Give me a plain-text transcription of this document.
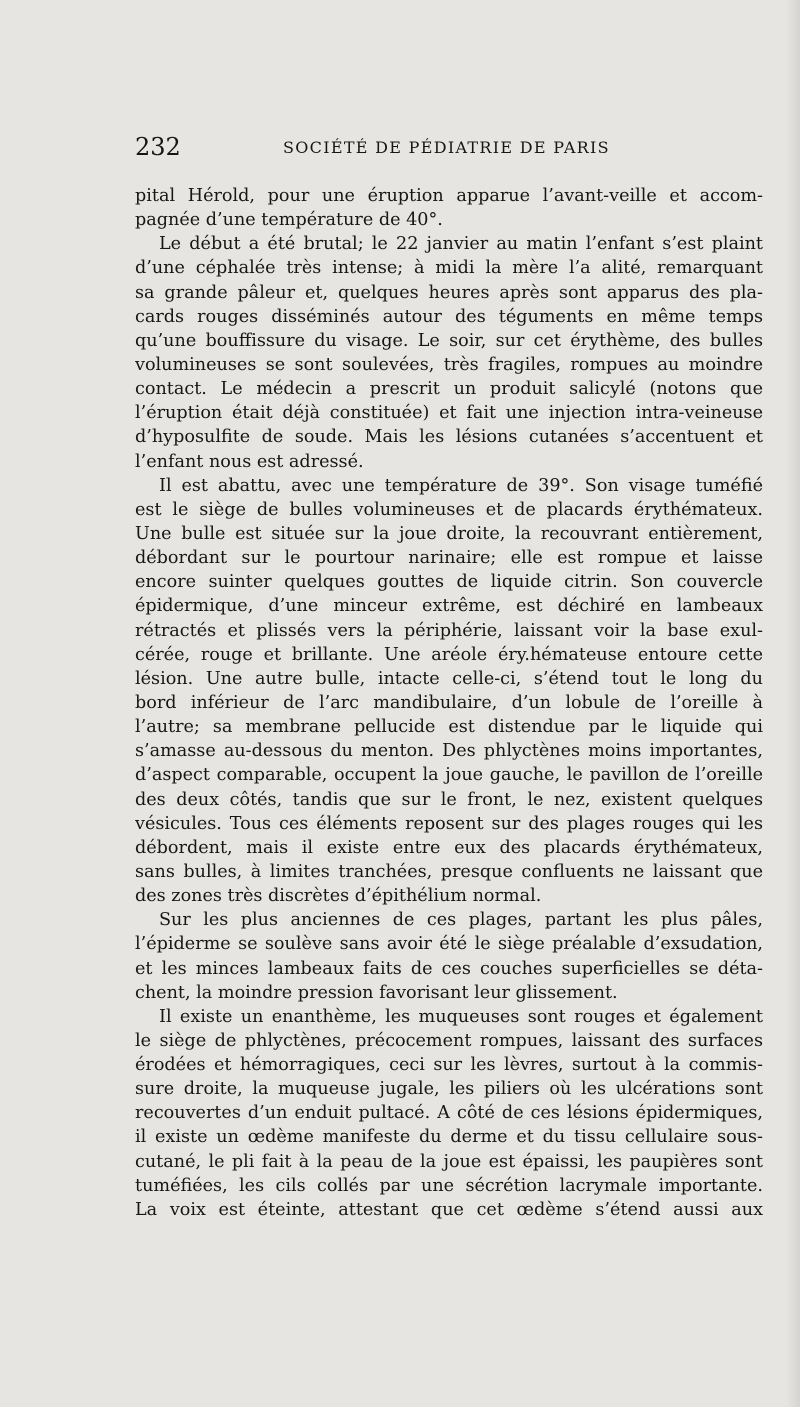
232	SOCIÉTÉ DE PÉDIATRIE DE PARIS
pital Hérold, pour une éruption apparue l’avant-veille et accom-
pagnée d’une température de 40°.
Le début a été brutal; le 22 janvier au matin l’enfant s’est plaint
d’une céphalée très intense; à midi la mère l’a alité, remarquant
sa grande pâleur et, quelques heures après sont apparus des pla-
cards rouges disséminés autour des téguments en même temps
qu’une bouffissure du visage. Le soir, sur cet érythème, des bulles
volumineuses se sont soulevées, très fragiles, rompues au moindre
contact. Le médecin a prescrit un produit salicylé (notons que
l’éruption était déjà constituée) et fait une injection intra-veineuse
d’hyposulfite de soude. Mais les lésions cutanées s’accentuent et
l’enfant nous est adressé.
Il est abattu, avec une température de 39°. Son visage tuméfié
est le siège de bulles volumineuses et de placards érythémateux.
Une bulle est située sur la joue droite, la recouvrant entièrement,
débordant sur le pourtour narinaire; elle est rompue et laisse
encore suinter quelques gouttes de liquide citrin. Son couvercle
épidermique, d’une minceur extrême, est déchiré en lambeaux
rétractés et plissés vers la périphérie, laissant voir la base exul-
cérée, rouge et brillante. Une aréole éry.hémateuse entoure cette
lésion. Une autre bulle, intacte celle-ci, s’étend tout le long du
bord inférieur de l’arc mandibulaire, d’un lobule de l’oreille à
l’autre; sa membrane pellucide est distendue par le liquide qui
s’amasse au-dessous du menton. Des phlyctènes moins importantes,
d’aspect comparable, occupent la joue gauche, le pavillon de l’oreille
des deux côtés, tandis que sur le front, le nez, existent quelques
vésicules. Tous ces éléments reposent sur des plages rouges qui les
débordent, mais il existe entre eux des placards érythémateux,
sans bulles, à limites tranchées, presque confluents ne laissant que
des zones très discrètes d’épithélium normal.
Sur les plus anciennes de ces plages, partant les plus pâles,
l’épiderme se soulève sans avoir été le siège préalable d’exsudation,
et les minces lambeaux faits de ces couches superficielles se déta-
chent, la moindre pression favorisant leur glissement.
Il existe un enanthème, les muqueuses sont rouges et également
le siège de phlyctènes, précocement rompues, laissant des surfaces
érodées et hémorragiques, ceci sur les lèvres, surtout à la commis-
sure droite, la muqueuse jugale, les piliers où les ulcérations sont
recouvertes d’un enduit pultacé. A côté de ces lésions épidermiques,
il existe un œdème manifeste du derme et du tissu cellulaire sous-
cutané, le pli fait à la peau de la joue est épaissi, les paupières sont
tuméfiées, les cils collés par une sécrétion lacrymale importante.
La voix est éteinte, attestant que cet œdème s’étend aussi aux
